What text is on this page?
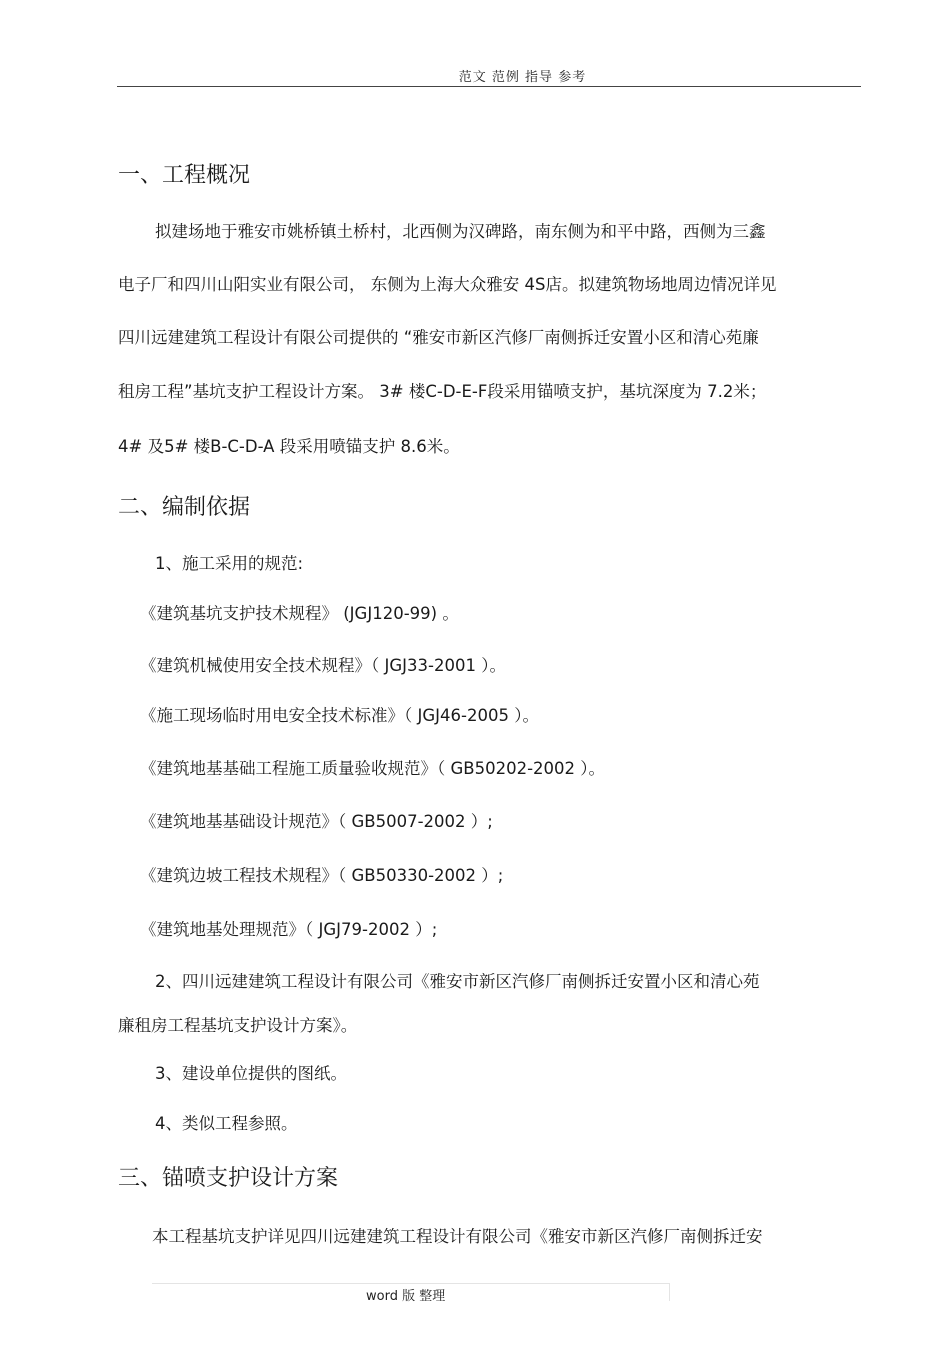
范文 范例 指导 参考
一、工程概况
拟建场地于雅安市姚桥镇土桥村，北西侧为汉碑路，南东侧为和平中路，西侧为三鑫
电子厂和四川山阳实业有限公司， 东侧为上海大众雅安 4S店。拟建筑物场地周边情况详见
四川远建建筑工程设计有限公司提供的 “雅安市新区汽修厂南侧拆迁安置小区和清心苑廉
租房工程”基坑支护工程设计方案。 3# 楼C-D-E-F段采用锚喷支护，基坑深度为 7.2米；
4# 及5# 楼B-C-D-A 段采用喷锚支护 8.6米。
二、编制依据
1、施工采用的规范:
《建筑基坑支护技术规程》 (JGJ120-99) 。
《建筑机械使用安全技术规程》（ JGJ33-2001 ）。
《施工现场临时用电安全技术标准》（ JGJ46-2005 ）。
《建筑地基基础工程施工质量验收规范》（ GB50202-2002 ）。
《建筑地基基础设计规范》（ GB5007-2002 ）;
《建筑边坡工程技术规程》（ GB50330-2002 ）;
《建筑地基处理规范》（ JGJ79-2002 ）;
2、四川远建建筑工程设计有限公司《雅安市新区汽修厂南侧拆迁安置小区和清心苑
廉租房工程基坑支护设计方案》。
3、建设单位提供的图纸。
4、类似工程参照。
三、锚喷支护设计方案
本工程基坑支护详见四川远建建筑工程设计有限公司《雅安市新区汽修厂南侧拆迁安
word 版 整理
